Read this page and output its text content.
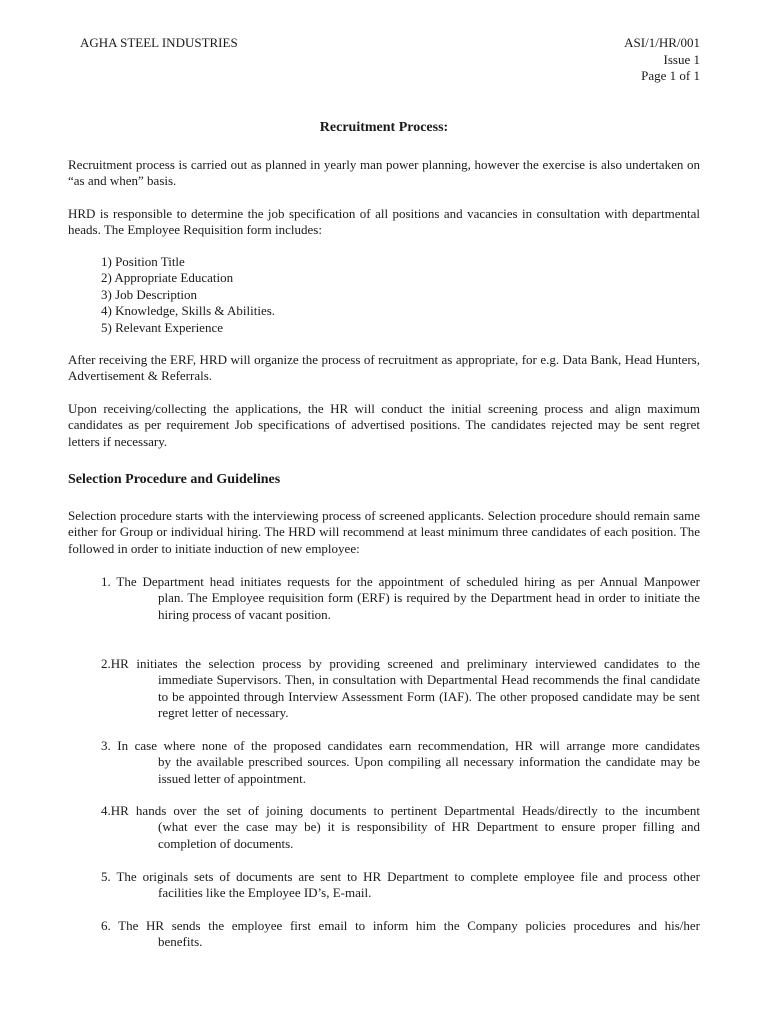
AGHA STEEL INDUSTRIES	ASI/1/HR/001
Issue 1
Page 1 of 1
Recruitment Process:

Recruitment process is carried out as planned in yearly man power planning, however the exercise is also undertaken on “as and when” basis.

HRD is responsible to determine the job specification of all positions and vacancies in consultation with departmental heads. The Employee Requisition form includes:

1) Position Title
2) Appropriate Education
3) Job Description
4) Knowledge, Skills & Abilities.
5) Relevant Experience

After receiving the ERF, HRD will organize the process of recruitment as appropriate, for e.g. Data Bank, Head Hunters, Advertisement & Referrals.

Upon receiving/collecting the applications, the HR will conduct the initial screening process and align maximum candidates as per requirement Job specifications of advertised positions. The candidates rejected may be sent regret letters if necessary.

Selection Procedure and Guidelines

Selection procedure starts with the interviewing process of screened applicants. Selection procedure should remain same either for Group or individual hiring. The HRD will recommend at least minimum three candidates of each position. The followed in order to initiate induction of new employee:

1. The Department head initiates requests for the appointment of scheduled hiring as per Annual Manpower
plan. The Employee requisition form (ERF) is required by the Department head in order to initiate the hiring process of vacant position.
2.HR initiates the selection process by providing screened and preliminary interviewed candidates to the
immediate Supervisors. Then, in consultation with Departmental Head recommends the final candidate to be appointed through Interview Assessment Form (IAF). The other proposed candidate may be sent regret letter of necessary.
3. In case where none of the proposed candidates earn recommendation, HR will arrange more candidates
by the available prescribed sources. Upon compiling all necessary information the candidate may be issued letter of appointment.
4.HR hands over the set of joining documents to pertinent Departmental Heads/directly to the incumbent
(what ever the case may be) it is responsibility of HR Department to ensure proper filling and completion of documents.
5. The originals sets of documents are sent to HR Department to complete employee file and process other
facilities like the Employee ID’s, E-mail.
6. The HR sends the employee first email to inform him the Company policies procedures and his/her
benefits.
